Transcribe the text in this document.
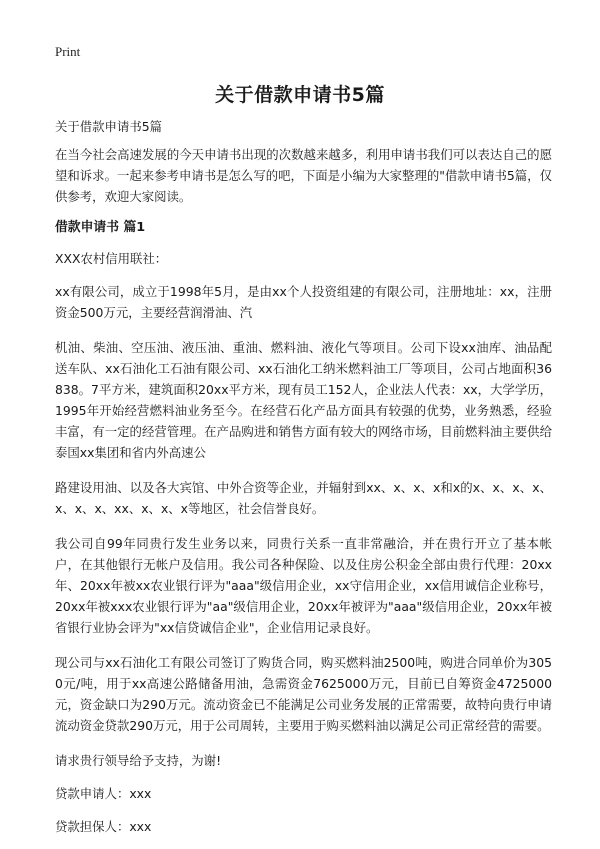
Print
关于借款申请书5篇

关于借款申请书5篇

在当今社会高速发展的今天申请书出现的次数越来越多，利用申请书我们可以表达自己的愿望和诉求。一起来参考申请书是怎么写的吧，下面是小编为大家整理的"借款申请书5篇，仅供参考，欢迎大家阅读。

借款申请书 篇1

XXX农村信用联社：

xx有限公司，成立于1998年5月，是由xx个人投资组建的有限公司，注册地址：xx，注册资金500万元，主要经营润滑油、汽

机油、柴油、空压油、液压油、重油、燃料油、液化气等项目。公司下设xx油库、油品配送车队、xx石油化工石油有限公司、xx石油化工纳米燃料油工厂等项目，公司占地面积36838。7平方米，建筑面积20xx平方米，现有员工152人，企业法人代表：xx，大学学历，1995年开始经营燃料油业务至今。在经营石化产品方面具有较强的优势，业务熟悉，经验丰富，有一定的经营管理。在产品购进和销售方面有较大的网络市场，目前燃料油主要供给泰国xx集团和省内外高速公

路建设用油、以及各大宾馆、中外合资等企业，并辐射到xx、x、x、x和x的x、x、x、x、x、x、x、xx、x、x、x等地区，社会信誉良好。

我公司自99年同贵行发生业务以来，同贵行关系一直非常融洽，并在贵行开立了基本帐户，在其他银行无帐户及信用。我公司各种保险、以及住房公积金全部由贵行代理：20xx年、20xx年被xx农业银行评为"aaa"级信用企业，xx守信用企业，xx信用诚信企业称号，20xx年被xxx农业银行评为"aa"级信用企业，20xx年被评为"aaa"级信用企业，20xx年被省银行业协会评为"xx信贷诚信企业"，企业信用记录良好。

现公司与xx石油化工有限公司签订了购货合同，购买燃料油2500吨，购进合同单价为3050元/吨，用于xx高速公路储备用油，急需资金7625000万元，目前已自筹资金4725000元，资金缺口为290万元。流动资金已不能满足公司业务发展的正常需要，故特向贵行申请流动资金贷款290万元，用于公司周转，主要用于购买燃料油以满足公司正常经营的需要。

请求贵行领导给予支持，为谢!

贷款申请人：xxx

贷款担保人：xxx
